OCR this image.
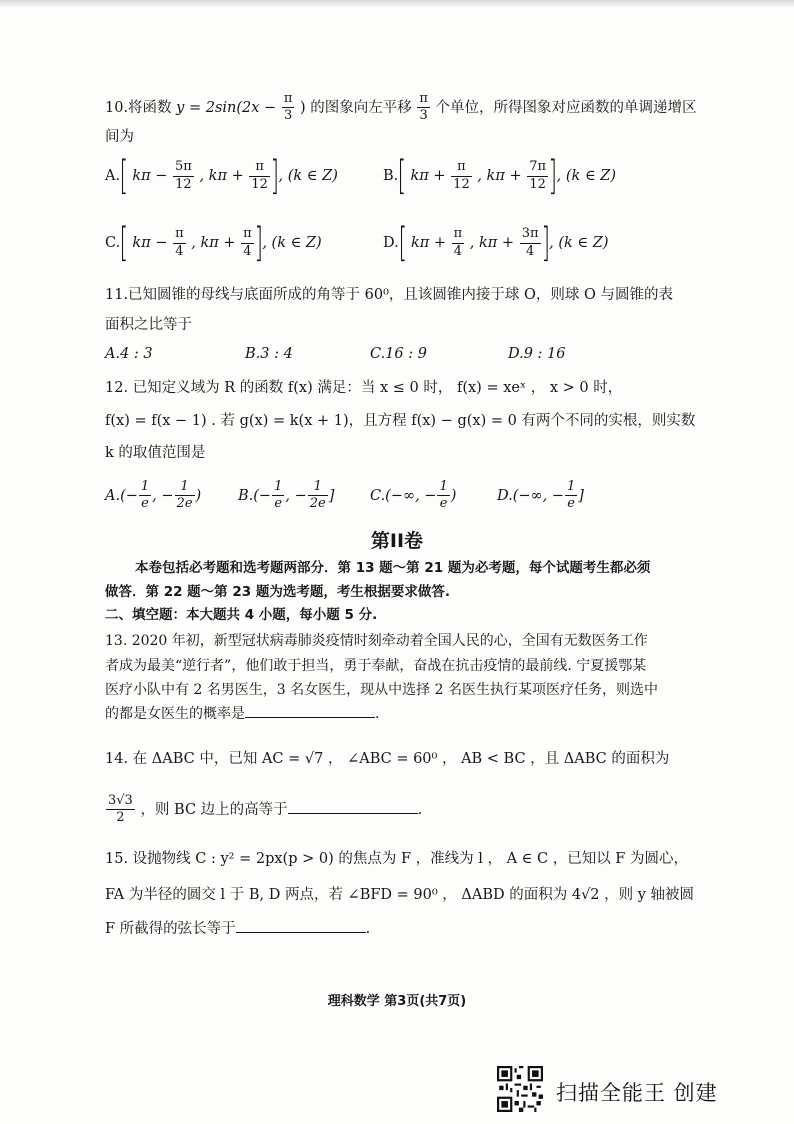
10.将函数 $y = 2\sin(2x - \frac{\pi}{3}$ ) 的图象向左平移 $\frac{\pi}{3}$ 个单位，所得图象对应函数的单调递增区
间为
A.[ $k\pi - \frac{5\pi}{12}$ , $k\pi + \frac{\pi}{12}$ ], (k ∈ Z)	B.[ $k\pi + \frac{\pi}{12}$ , $k\pi + \frac{7\pi}{12}$ ], (k ∈ Z)
C.[ $k\pi - \frac{\pi}{4}$ , $k\pi + \frac{\pi}{4}$ ], (k ∈ Z)	D.[ $k\pi + \frac{\pi}{4}$ , $k\pi + \frac{3\pi}{4}$ ], (k ∈ Z)
11.已知圆锥的母线与底面所成的角等于 60⁰，且该圆锥内接于球 O，则球 O 与圆锥的表
面积之比等于
A.4 : 3	B.3 : 4	C.16 : 9	D.9 : 16
12. 已知定义域为 R 的函数 f(x) 满足：当 x ≤ 0 时， f(x) = xeˣ ， x > 0 时，
f(x) = f(x − 1) . 若 g(x) = k(x + 1)，且方程 f(x) − g(x) = 0 有两个不同的实根，则实数
k 的取值范围是
$A.(- \frac{1}{e}$ , − $\frac{1}{2e}$ )	$B.(- \frac{1}{e}$ , − $\frac{1}{2e}$ ] C.(−∞, − $\frac{1}{e}$ )	D.(−∞, − $\frac{1}{e}$ ]
第II卷
本卷包括必考题和选考题两部分．第 13 题～第 21 题为必考题，每个试题考生都必须
做答．第 22 题～第 23 题为选考题，考生根据要求做答.
二、填空题：本大题共 4 小题，每小题 5 分.
13. 2020 年初，新型冠状病毒肺炎疫情时刻牵动着全国人民的心，全国有无数医务工作
者成为最美“逆行者”，他们敢于担当，勇于奉献，奋战在抗击疫情的最前线. 宁夏援鄂某
医疗小队中有 2 名男医生，3 名女医生，现从中选择 2 名医生执行某项医疗任务，则选中
的都是女医生的概率是	.
14. 在 ΔABC 中，已知 AC = √7 ， ∠ABC = 60⁰ ， AB < BC ，且 ΔABC 的面积为
$\frac{3√3}{2}$ ，则 BC 边上的高等于	.
15. 设抛物线 C : y² = 2px(p > 0) 的焦点为 F ，准线为 l ， A ∈ C ，已知以 F 为圆心，
FA 为半径的圆交 l 于 B, D 两点，若 ∠BFD = 90⁰ ， ΔABD 的面积为 4√2 ，则 y 轴被圆
F 所截得的弦长等于	.
理科数学 第3页(共7页)
扫描全能王 创建
